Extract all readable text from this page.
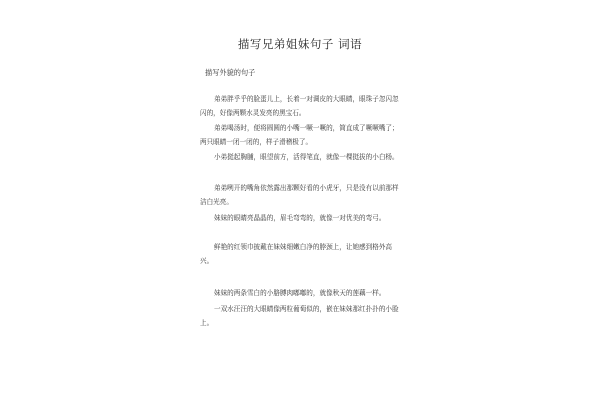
描写兄弟姐妹句子 词语
描写外貌的句子
弟弟胖乎乎的脸蛋儿上，长着一对调皮的大眼睛，眼珠子忽闪忽闪的，好像两颗水灵发亮的黑宝石。
弟弟喝汤时，便将圆圆的小嘴一噘一噘的，简直成了噘噘嘴了；两只眼睛一闭一闭的，样子滑稽极了。
小弟挺起胸脯，眼望前方，活得笔直，就像一棵挺拔的小白杨。
弟弟咧开的嘴角依然露出那颗好看的小虎牙，只是没有以前那样洁白光亮。
妹妹的眼睛亮晶晶的，眉毛弯弯的，就像一对优美的弯弓。
鲜艳的红领巾披戴在妹妹细嫩白净的脖颈上，让她感到格外高兴。
妹妹的两条雪白的小胳膊肉嘟嘟的，就像秋天的莲藕一样。
一双水汪汪的大眼睛像两粒葡萄似的，嵌在妹妹那红扑扑的小脸上。
